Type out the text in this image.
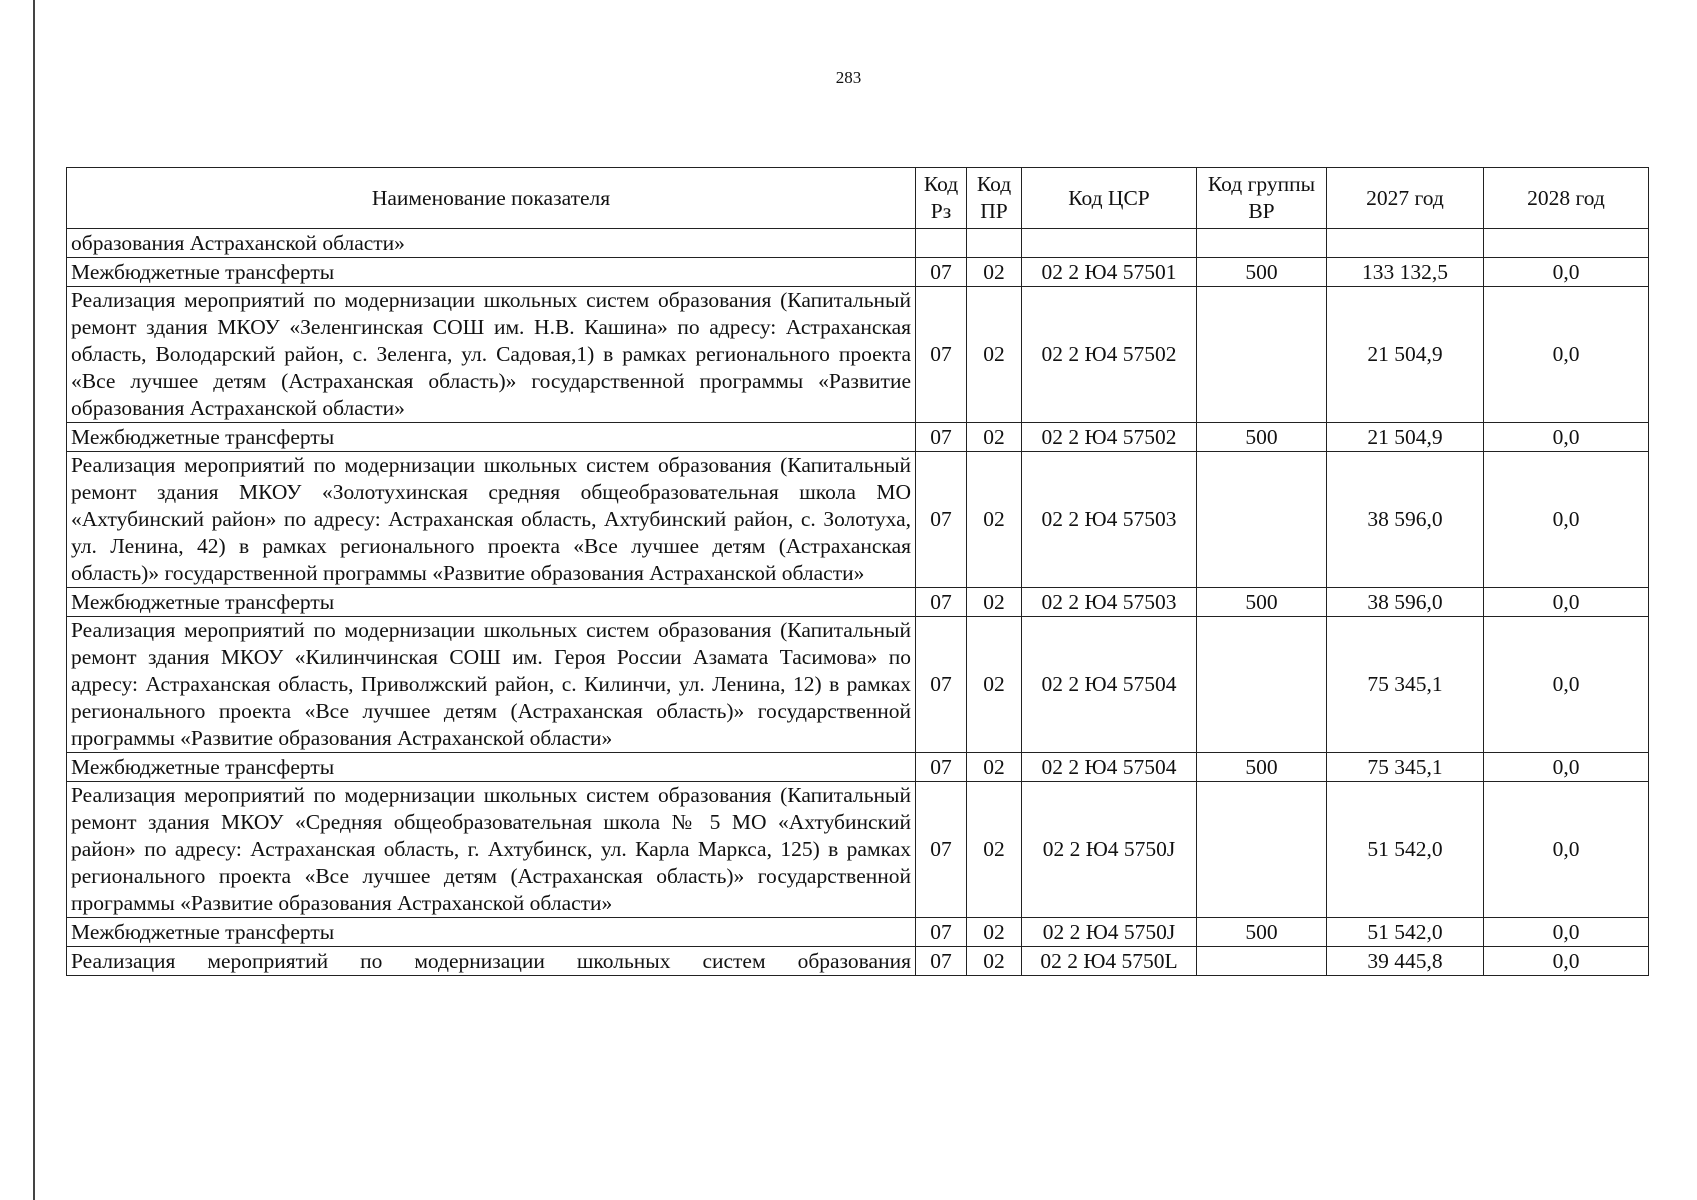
283
Наименование показателя	Код Рз	Код ПР	Код ЦСР	Код группы ВР	2027 год	2028 год
образования Астраханской области»						
Межбюджетные трансферты	07	02	02 2 Ю4 57501	500	133 132,5	0,0
Реализация мероприятий по модернизации школьных систем образования (Капитальный ремонт здания МКОУ «Зеленгинская СОШ им. Н.В. Кашина» по адресу: Астраханская область, Володарский район, с. Зеленга, ул. Садовая,1) в рамках регионального проекта «Все лучшее детям (Астраханская область)» государственной программы «Развитие образования Астраханской области»	07	02	02 2 Ю4 57502		21 504,9	0,0
Межбюджетные трансферты	07	02	02 2 Ю4 57502	500	21 504,9	0,0
Реализация мероприятий по модернизации школьных систем образования (Капитальный ремонт здания МКОУ «Золотухинская средняя общеобразовательная школа МО «Ахтубинский район» по адресу: Астраханская область, Ахтубинский район, с. Золотуха, ул. Ленина, 42) в рамках регионального проекта «Все лучшее детям (Астраханская область)» государственной программы «Развитие образования Астраханской области»	07	02	02 2 Ю4 57503		38 596,0	0,0
Межбюджетные трансферты	07	02	02 2 Ю4 57503	500	38 596,0	0,0
Реализация мероприятий по модернизации школьных систем образования (Капитальный ремонт здания МКОУ «Килинчинская СОШ им. Героя России Азамата Тасимова» по адресу: Астраханская область, Приволжский район, с. Килинчи, ул. Ленина, 12) в рамках регионального проекта «Все лучшее детям (Астраханская область)» государственной программы «Развитие образования Астраханской области»	07	02	02 2 Ю4 57504		75 345,1	0,0
Межбюджетные трансферты	07	02	02 2 Ю4 57504	500	75 345,1	0,0
Реализация мероприятий по модернизации школьных систем образования (Капитальный ремонт здания МКОУ «Средняя общеобразовательная школа № 5 МО «Ахтубинский район» по адресу: Астраханская область, г. Ахтубинск, ул. Карла Маркса, 125) в рамках регионального проекта «Все лучшее детям (Астраханская область)» государственной программы «Развитие образования Астраханской области»	07	02	02 2 Ю4 5750J		51 542,0	0,0
Межбюджетные трансферты	07	02	02 2 Ю4 5750J	500	51 542,0	0,0
Реализация мероприятий по модернизации школьных систем образования	07	02	02 2 Ю4 5750L		39 445,8	0,0
